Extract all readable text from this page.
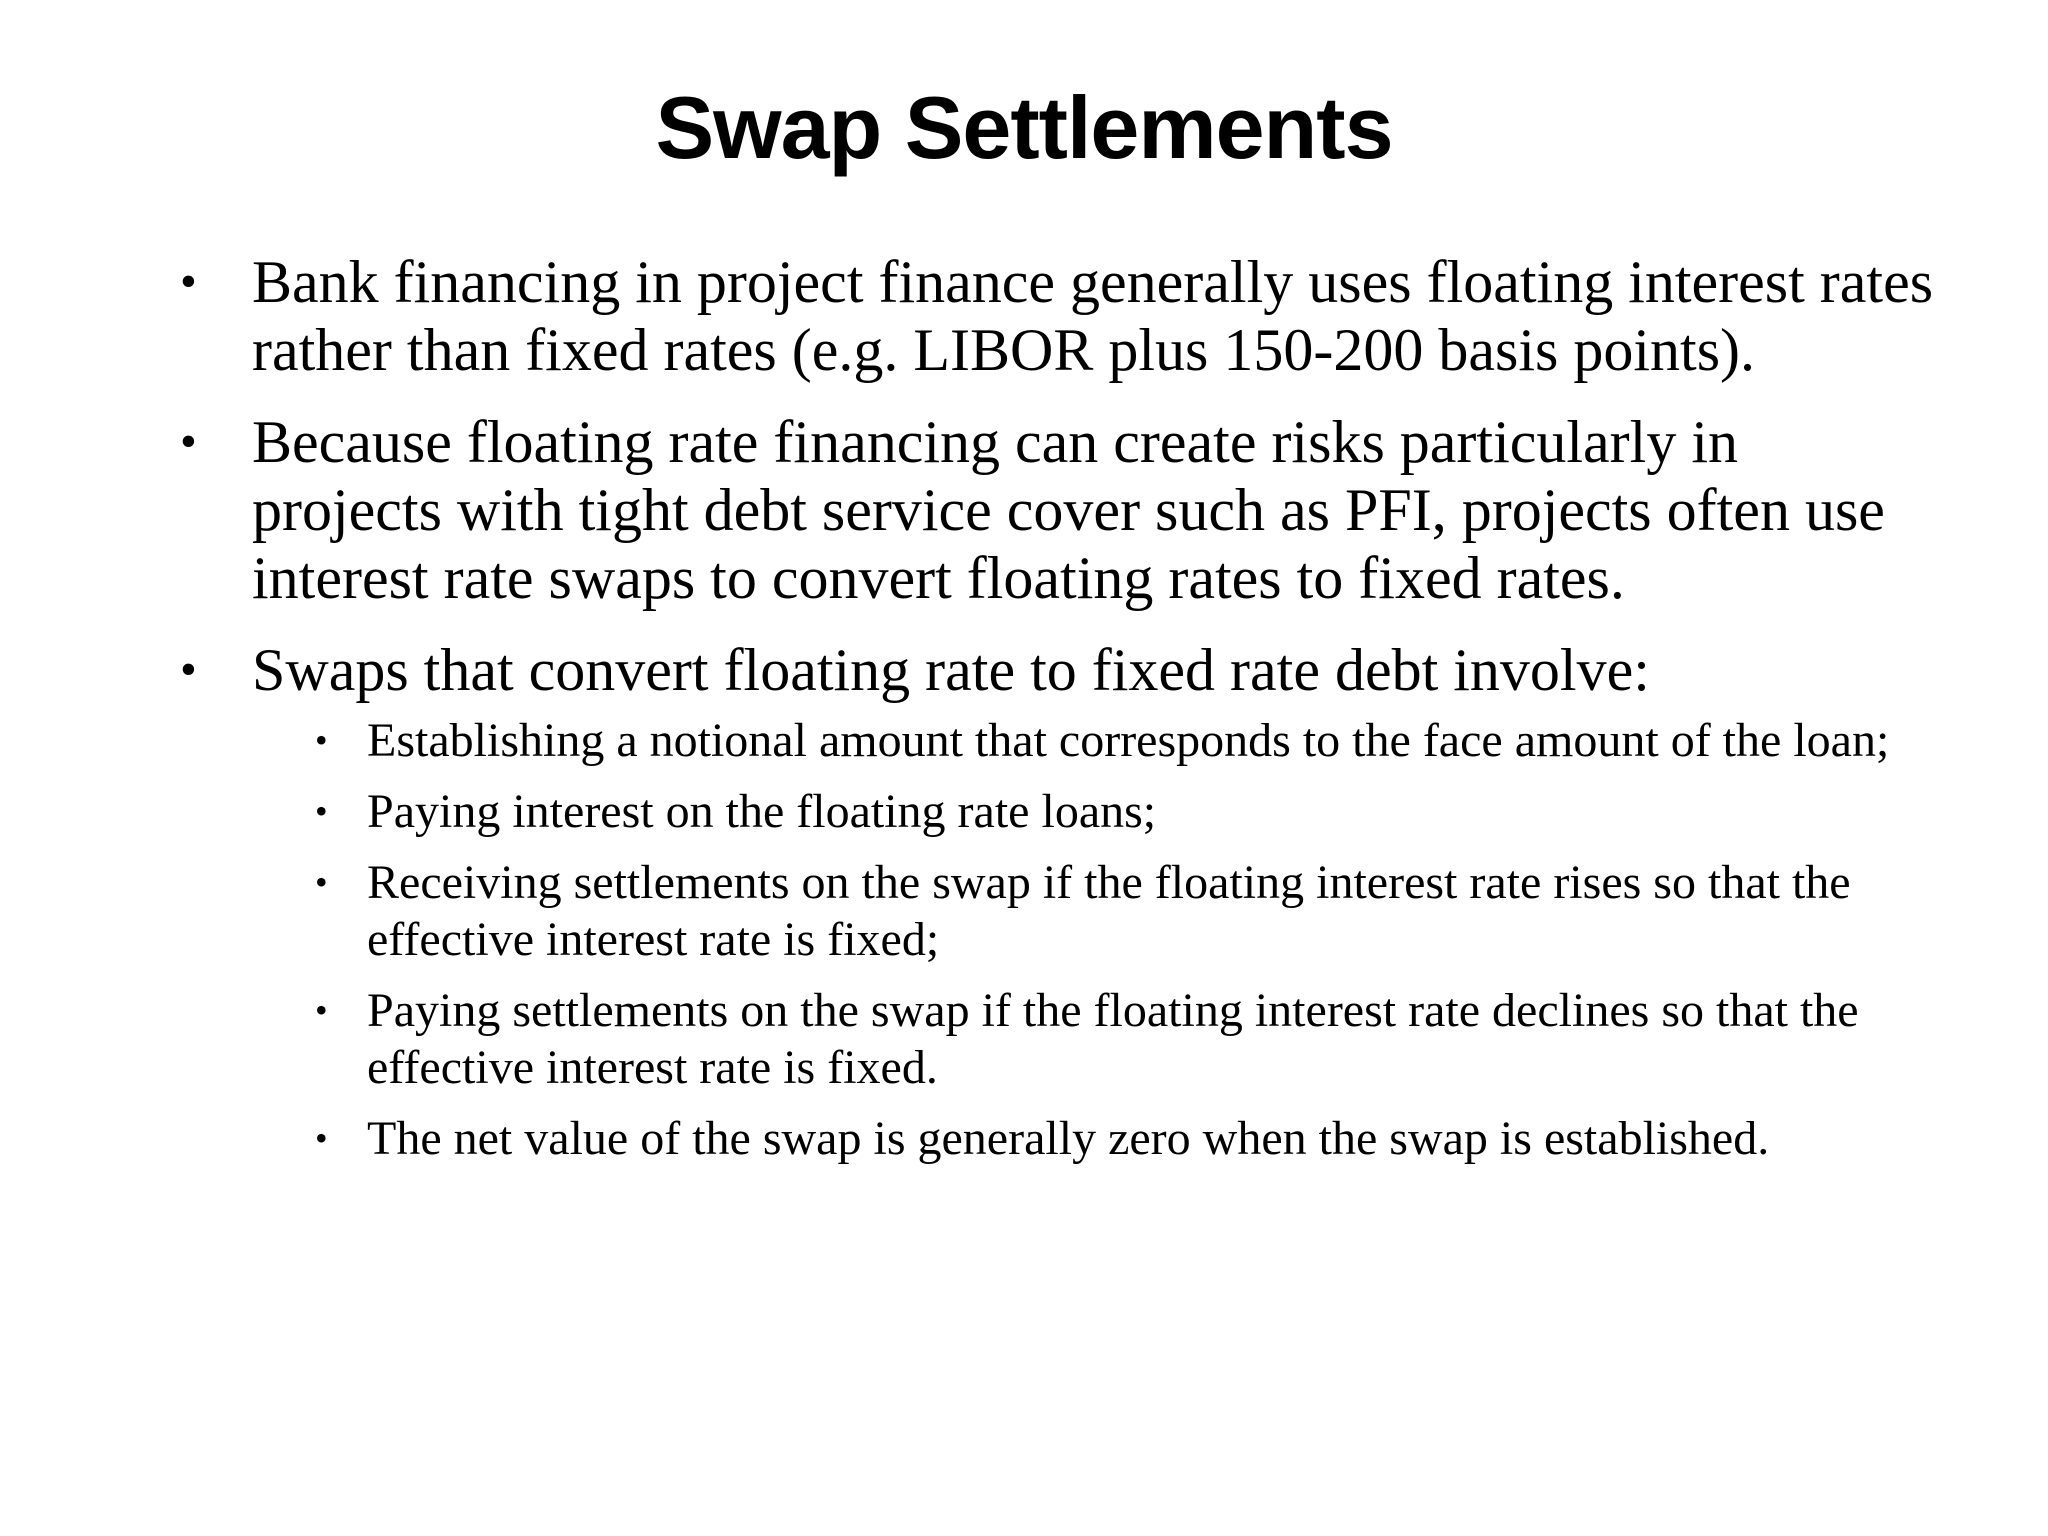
Swap Settlements
• Bank financing in project finance generally uses floating interest rates rather than fixed rates (e.g. LIBOR plus 150-200 basis points).
• Because floating rate financing can create risks particularly in projects with tight debt service cover such as PFI, projects often use interest rate swaps to convert floating rates to fixed rates.
• Swaps that convert floating rate to fixed rate debt involve:
• Establishing a notional amount that corresponds to the face amount of the loan;
• Paying interest on the floating rate loans;
• Receiving settlements on the swap if the floating interest rate rises so that the effective interest rate is fixed;
• Paying settlements on the swap if the floating interest rate declines so that the effective interest rate is fixed.
• The net value of the swap is generally zero when the swap is established.
